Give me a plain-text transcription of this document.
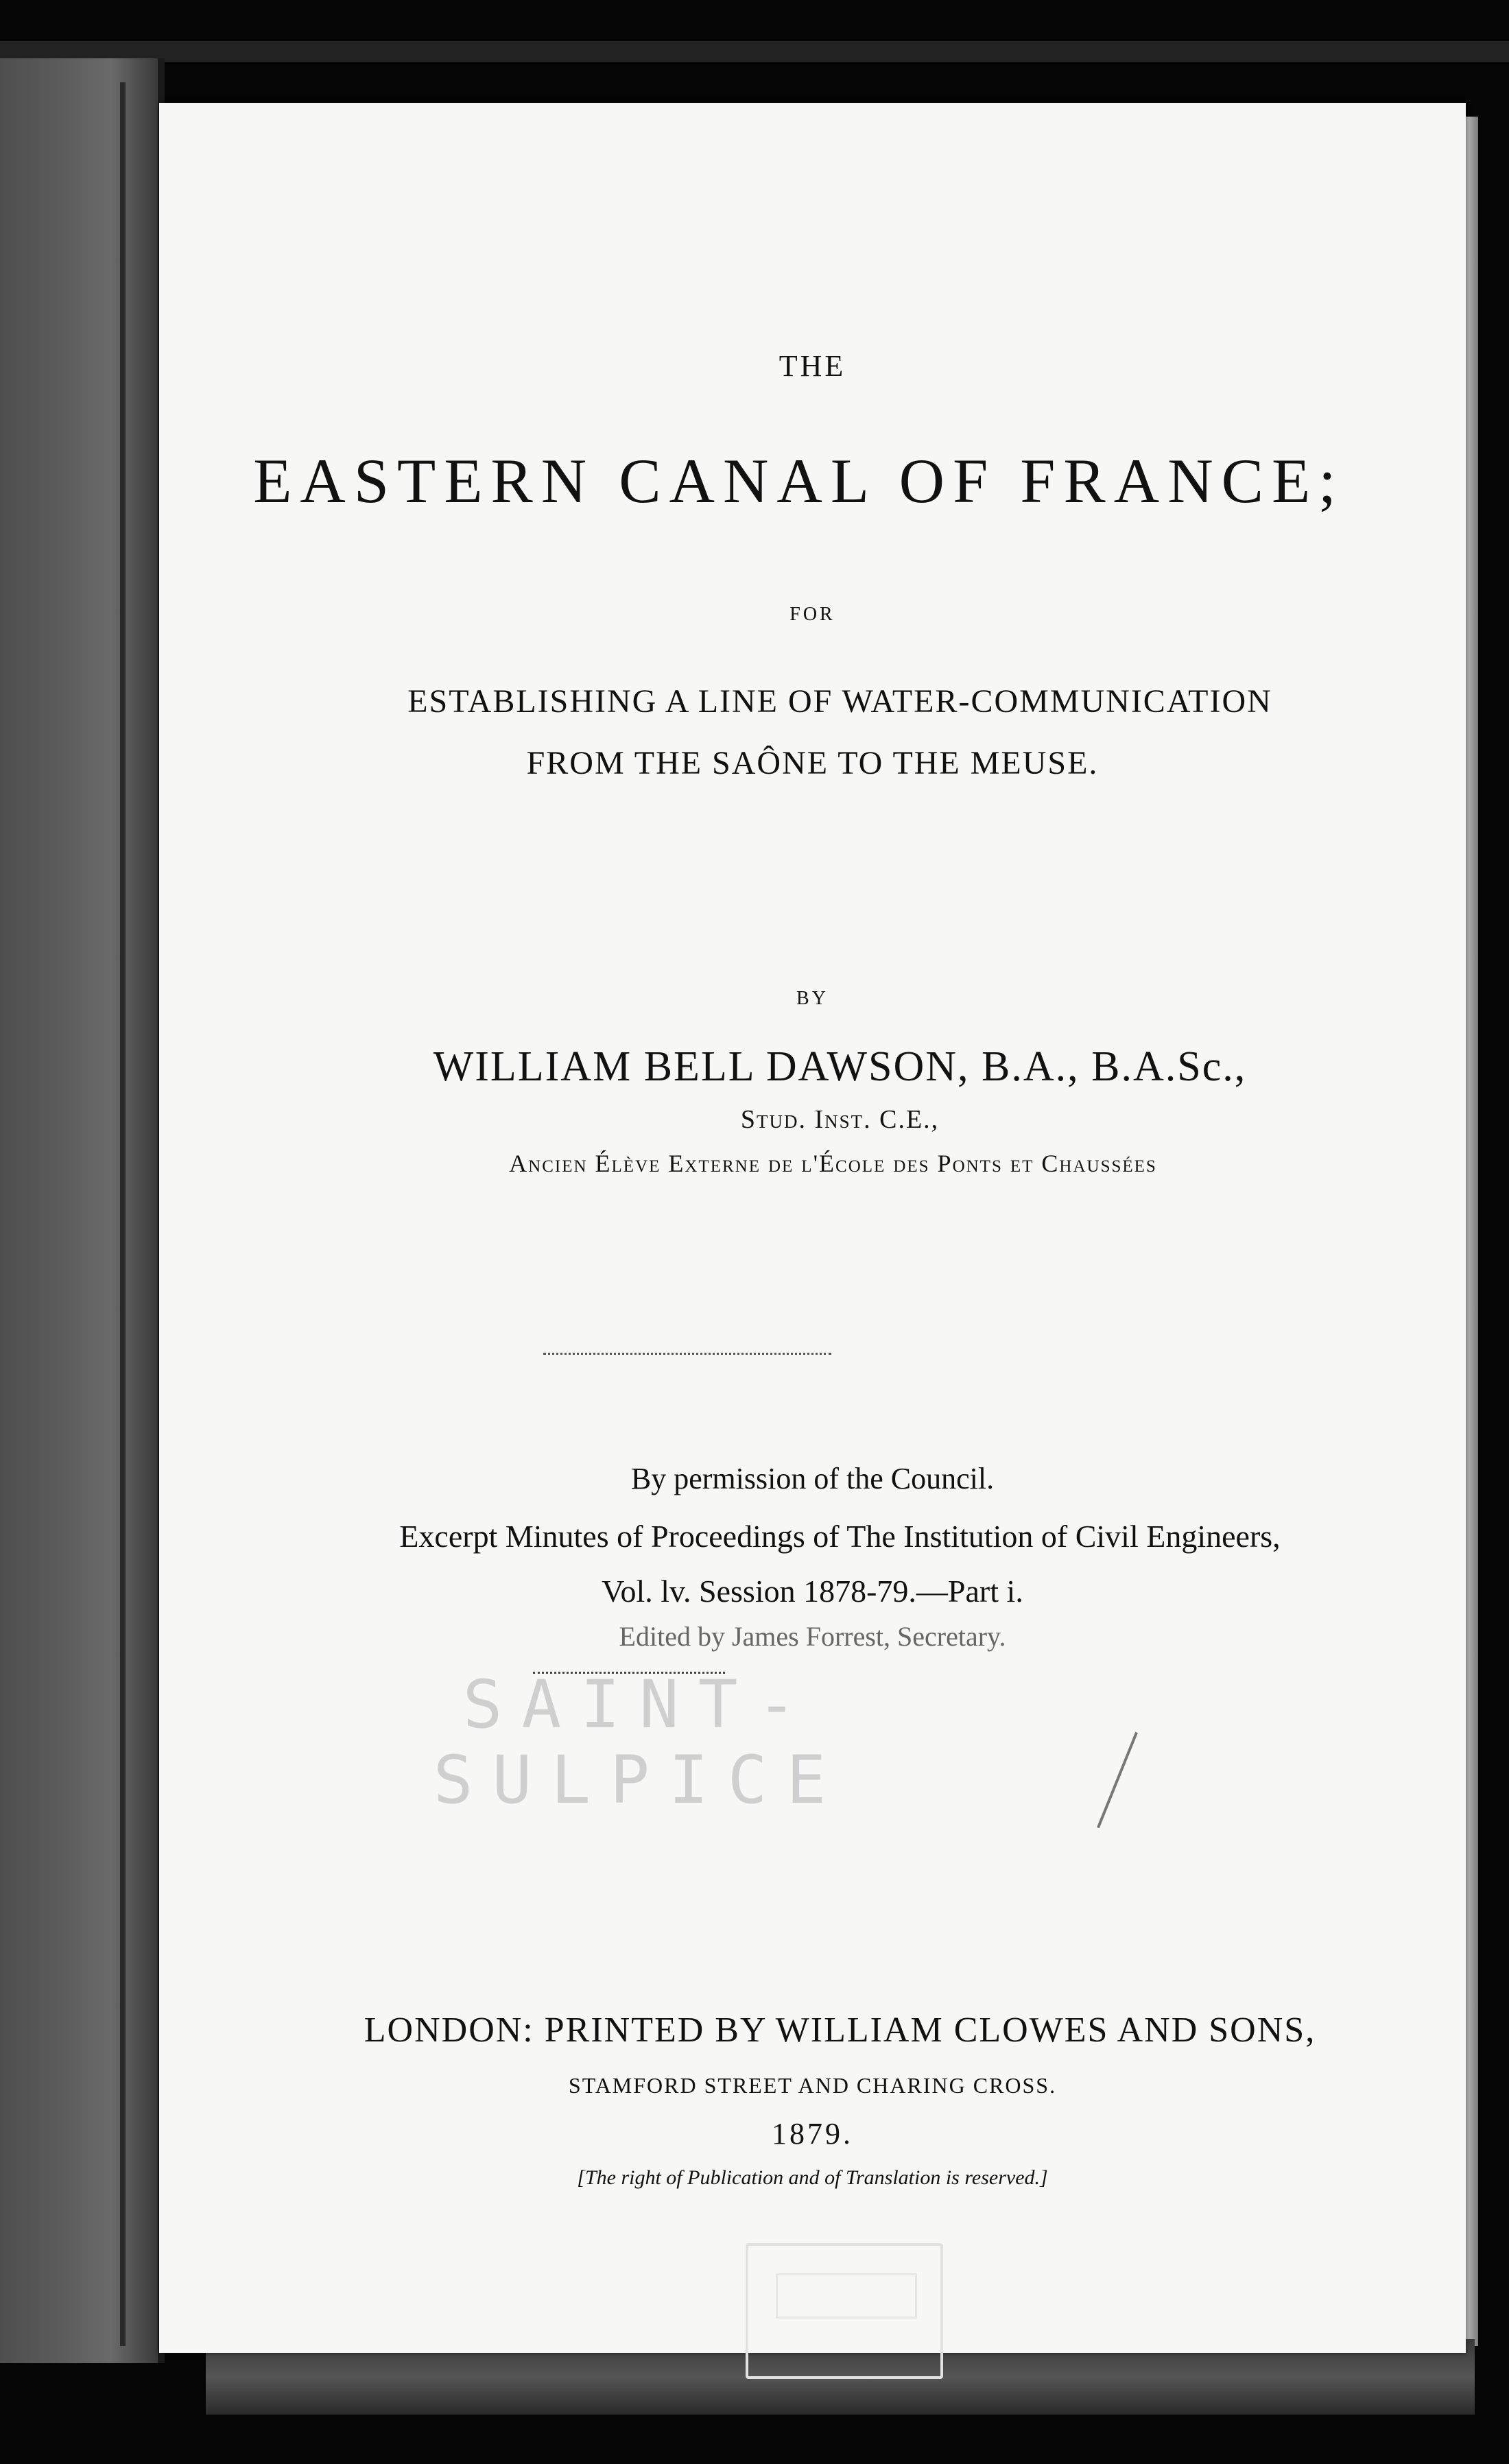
THE
EASTERN CANAL OF FRANCE;
FOR
ESTABLISHING A LINE OF WATER-COMMUNICATION
FROM THE SAÔNE TO THE MEUSE.
BY
WILLIAM BELL DAWSON, B.A., B.A.Sc.,
Stud. Inst. C.E.,
Ancien Élève Externe de l'École des Ponts et Chaussées
By permission of the Council.
Excerpt Minutes of Proceedings of The Institution of Civil Engineers,
Vol. lv. Session 1878-79.—Part i.
Edited by James Forrest, Secretary.
SAINT-SULPICE
LONDON: PRINTED BY WILLIAM CLOWES AND SONS,
STAMFORD STREET AND CHARING CROSS.
1879.
[The right of Publication and of Translation is reserved.]
